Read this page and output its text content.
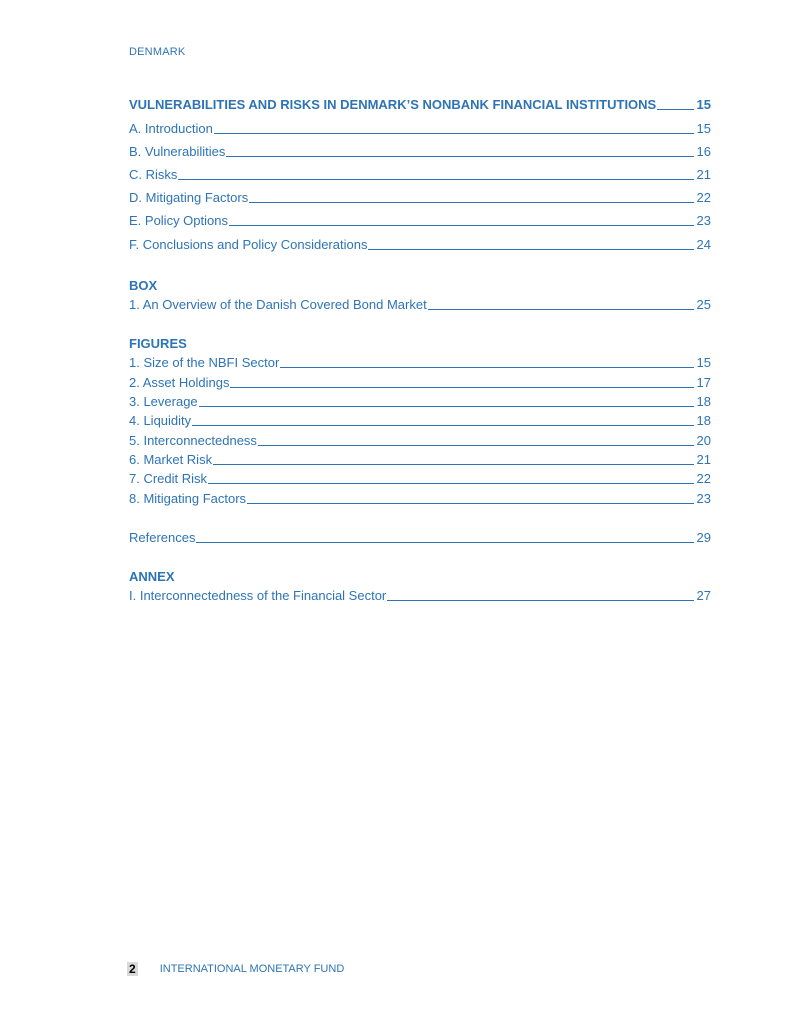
DENMARK
VULNERABILITIES AND RISKS IN DENMARK’S NONBANK FINANCIAL INSTITUTIONS	15
A. Introduction	15
B. Vulnerabilities	16
C. Risks	21
D. Mitigating Factors	22
E. Policy Options	23
F. Conclusions and Policy Considerations	24
BOX
1. An Overview of the Danish Covered Bond Market	25
FIGURES
1. Size of the NBFI Sector	15
2. Asset Holdings	17
3. Leverage	18
4. Liquidity	18
5. Interconnectedness	20
6. Market Risk	21
7. Credit Risk	22
8. Mitigating Factors	23
References	29
ANNEX
I. Interconnectedness of the Financial Sector	27
2 INTERNATIONAL MONETARY FUND
